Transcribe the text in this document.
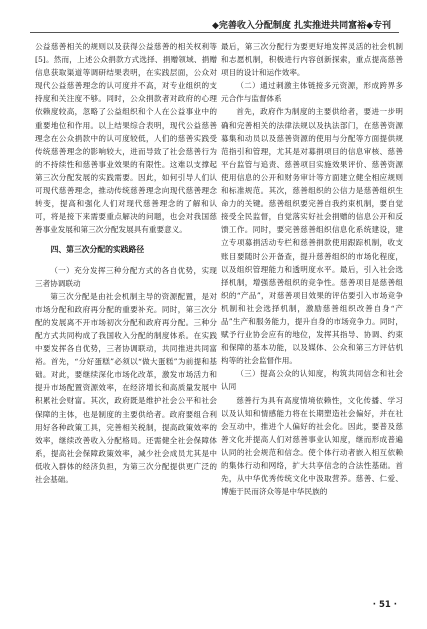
◆完善收入分配制度 扎实推进共同富裕◆专刊

公益慈善相关的规则以及获得公益慈善的相关权利等[5]。然而，上述公众捐款方式选择、捐赠领域、捐赠信息获取渠道等调研结果表明，在实践层面，公众对现代公益慈善理念的认可度并不高，对专业组织的支持度和关注度不够。同时，公众捐款者对政府的心理依赖度较高，忽略了公益组织和个人在公益事业中的重要地位和作用。以上结果综合表明，现代公益慈善理念在公众捐款中的认可度较低，人们的慈善实践受传统慈善理念的影响较大，进而导致了社会慈善行为的不持续性和慈善事业效果的有限性。这难以支撑起第三次分配发展的实践需要。因此，如何引导人们认可现代慈善理念，推动传统慈善理念向现代慈善理念转变，提高和强化人们对现代慈善理念的了解和认可，将是接下来需要重点解决的问题，也会对我国慈善事业发展和第三次分配发展具有重要意义。

四、第三次分配的实践路径

（一）充分发挥三种分配方式的各自优势，实现三者协调联动

第三次分配是由社会机制主导的资源配置，是对市场分配和政府再分配的重要补充。同时，第三次分配的发展离不开市场初次分配和政府再分配。三种分配方式共同构成了我国收入分配的制度体系。在实践中要发挥各自优势，三者协调联动，共同推进共同富裕。首先，“分好蛋糕”必须以“做大蛋糕”为前提和基础。对此，要继续深化市场化改革，激发市场活力和提升市场配置资源效率，在经济增长和高质量发展中积累社会财富。其次，政府既是维护社会公平和社会保障的主体，也是制度的主要供给者。政府要组合利用好各种政策工具，完善相关税制，提高政策效率的效率，继续改善收入分配格局。还需健全社会保障体系，提高社会保障政策效率，减少社会成员尤其是中低收入群体的经济负担，为第三次分配提供更广泛的社会基础。

最后，第三次分配行为要更好地发挥灵活的社会机制和志愿机制，积极进行内容创新探索，重点提高慈善项目的设计和运作效率。

（二）通过刺激主体链接多元资源，形成跨界多元合作与监督体系

首先，政府作为制度的主要供给者，要进一步明确和完善相关的法律法规以及执法部门，在慈善资源募集和动员以及慈善资源的使用与分配等方面提供规范指引和管理，尤其是对募捐项目的信息审核、慈善平台监管与追责、慈善项目实施效果评价、慈善资源使用信息的公开和财务审计等方面建立健全相应规则和标准规范。其次，慈善组织的公信力是慈善组织生命力的关键。慈善组织要完善自我约束机制，要自觉接受全民监督，自觉落实好社会捐赠的信息公开和反馈工作。同时，要完善慈善组织信息化系统建设，建立专项募捐活动专栏和慈善捐款使用跟踪机制，收支账目要随时公开备查，提升慈善组织的市场化程度，以及组织管理能力和透明度水平。最后，引入社会选择机制，增强慈善组织的竞争性。慈善项目是慈善组织的“产品”，对慈善项目效果的评估要引入市场竞争机制和社会选择机制，激励慈善组织改善自身“产品”生产和服务能力，提升自身的市场竞争力。同时，赋予行业协会应有的地位，发挥其指导、协调、约束和保障的基本功能，以及媒体、公众和第三方评估机构等的社会监督作用。

（三）提高公众的认知度，构筑共同信念和社会认同

慈善行为具有高度情境依赖性，文化传播、学习以及认知和情感能力将在长期塑造社会偏好，并在社会互动中，推进个人偏好的社会化。因此，要普及慈善文化并提高人们对慈善事业认知度，继而形成普遍认同的社会规范和信念。使个体行动者嵌入相互依赖的集体行动和网络，扩大共享信念的合法性基础。首先，从中华优秀传统文化中汲取营养。慈善、仁爱、博施于民而济众等是中华民族的

· 51 ·
